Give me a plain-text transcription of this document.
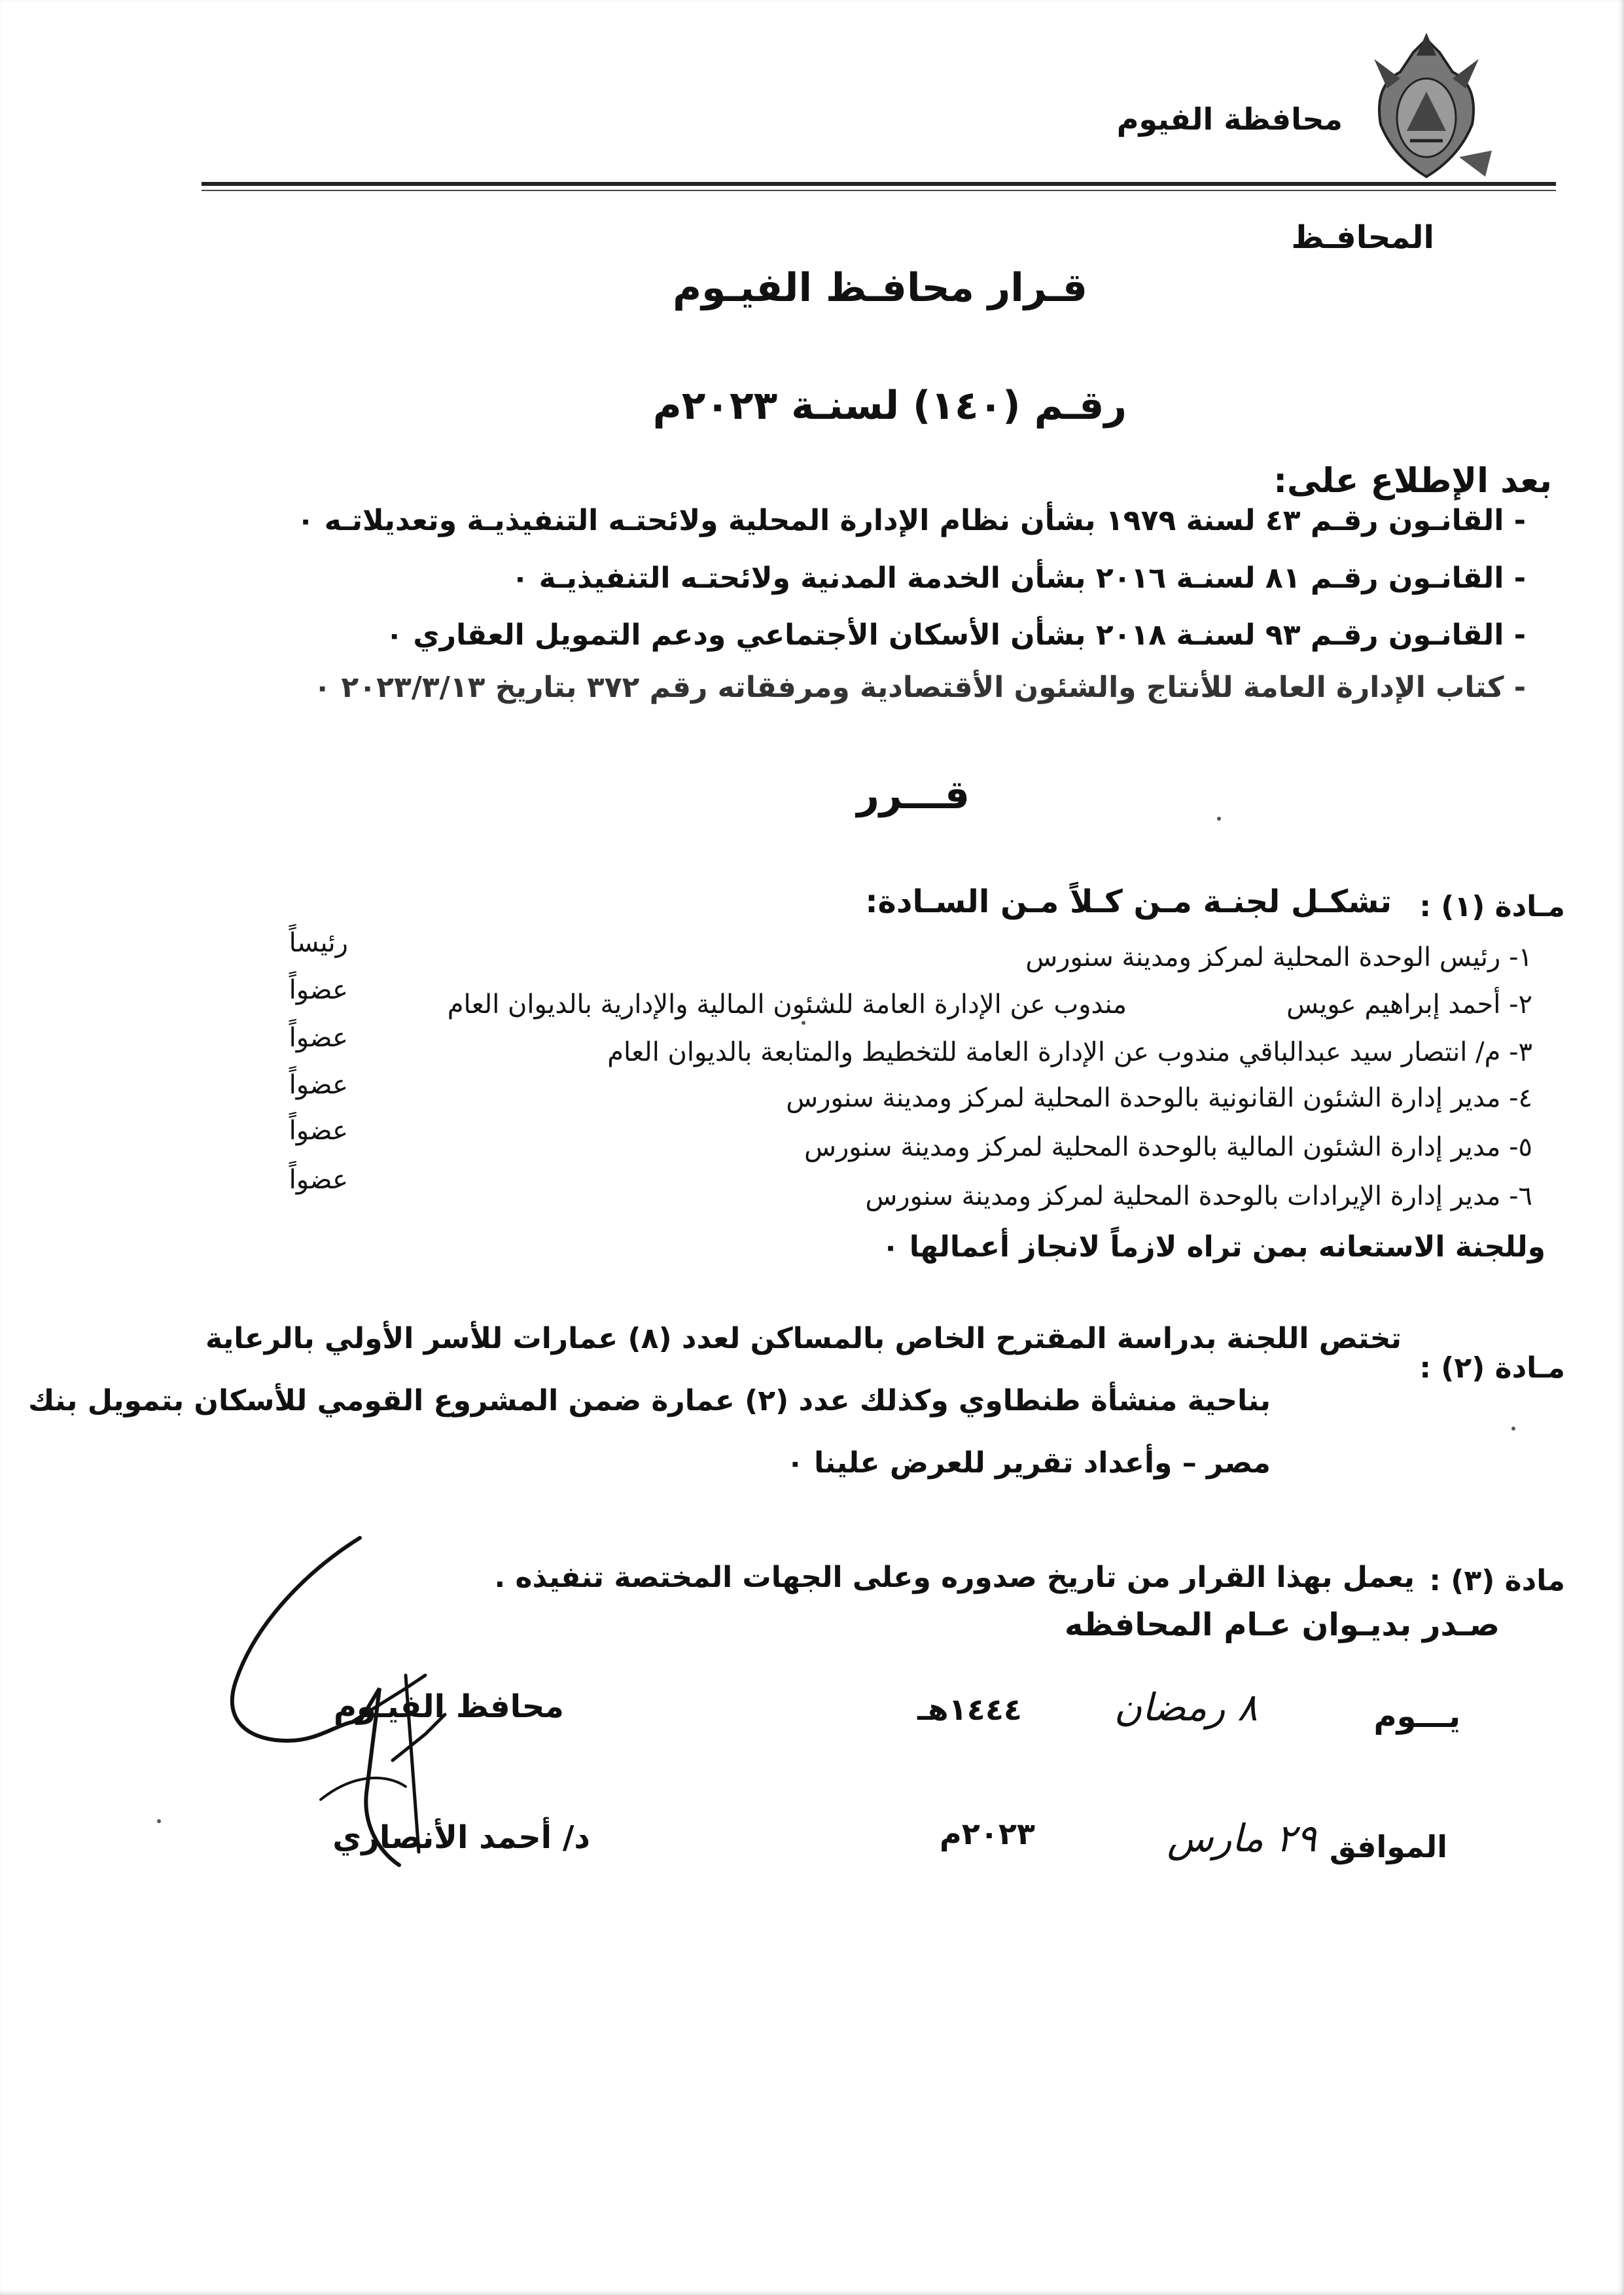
محافظة الفيوم
المحافـظ
قـرار محافـظ الفيـوم
رقـم (١٤٠) لسنـة ٢٠٢٣م
بعد الإطلاع على:
- القانـون رقـم ٤٣ لسنة ١٩٧٩ بشأن نظام الإدارة المحلية ولائحتـه التنفيذيـة وتعديلاتـه ٠
- القانـون رقـم ٨١ لسنـة ٢٠١٦ بشأن الخدمة المدنية ولائحتـه التنفيذيـة ٠
- القانـون رقـم ٩٣ لسنـة ٢٠١٨ بشأن الأسكان الأجتماعي ودعم التمويل العقاري ٠
- كتاب الإدارة العامة للأنتاج والشئون الأقتصادية ومرفقاته رقم ٣٧٢ بتاريخ ٢٠٢٣/٣/١٣ ٠
قـــرر
مـادة (١) :
تشكـل لجنـة مـن كـلاً مـن السـادة:
١- رئيس الوحدة المحلية لمركز ومدينة سنورس
رئيساً
٢- أحمد إبراهيم عويس
مندوب عن الإدارة العامة للشئون المالية والإدارية بالديوان العام
عضواً
٣- م/ انتصار سيد عبدالباقي مندوب عن الإدارة العامة للتخطيط والمتابعة بالديوان العام
عضواً
٤- مدير إدارة الشئون القانونية بالوحدة المحلية لمركز ومدينة سنورس
عضواً
٥- مدير إدارة الشئون المالية بالوحدة المحلية لمركز ومدينة سنورس
عضواً
٦- مدير إدارة الإيرادات بالوحدة المحلية لمركز ومدينة سنورس
عضواً
وللجنة الاستعانه بمن تراه لازماً لانجاز أعمالها ٠
مـادة (٢) :
تختص اللجنة بدراسة المقترح الخاص بالمساكن لعدد (٨) عمارات للأسر الأولي بالرعاية
بناحية منشأة طنطاوي وكذلك عدد (٢) عمارة ضمن المشروع القومي للأسكان بتمويل بنك
مصر – وأعداد تقرير للعرض علينا ٠
مادة (٣) :
يعمل بهذا القرار من تاريخ صدوره وعلى الجهات المختصة تنفيذه .
صـدر بديـوان عـام المحافظه
يـــوم
٨ رمضان
١٤٤٤هـ
الموافق
٢٩ مارس
٢٠٢٣م
محافظ الفيـوم
د/ أحمد الأنصاري
